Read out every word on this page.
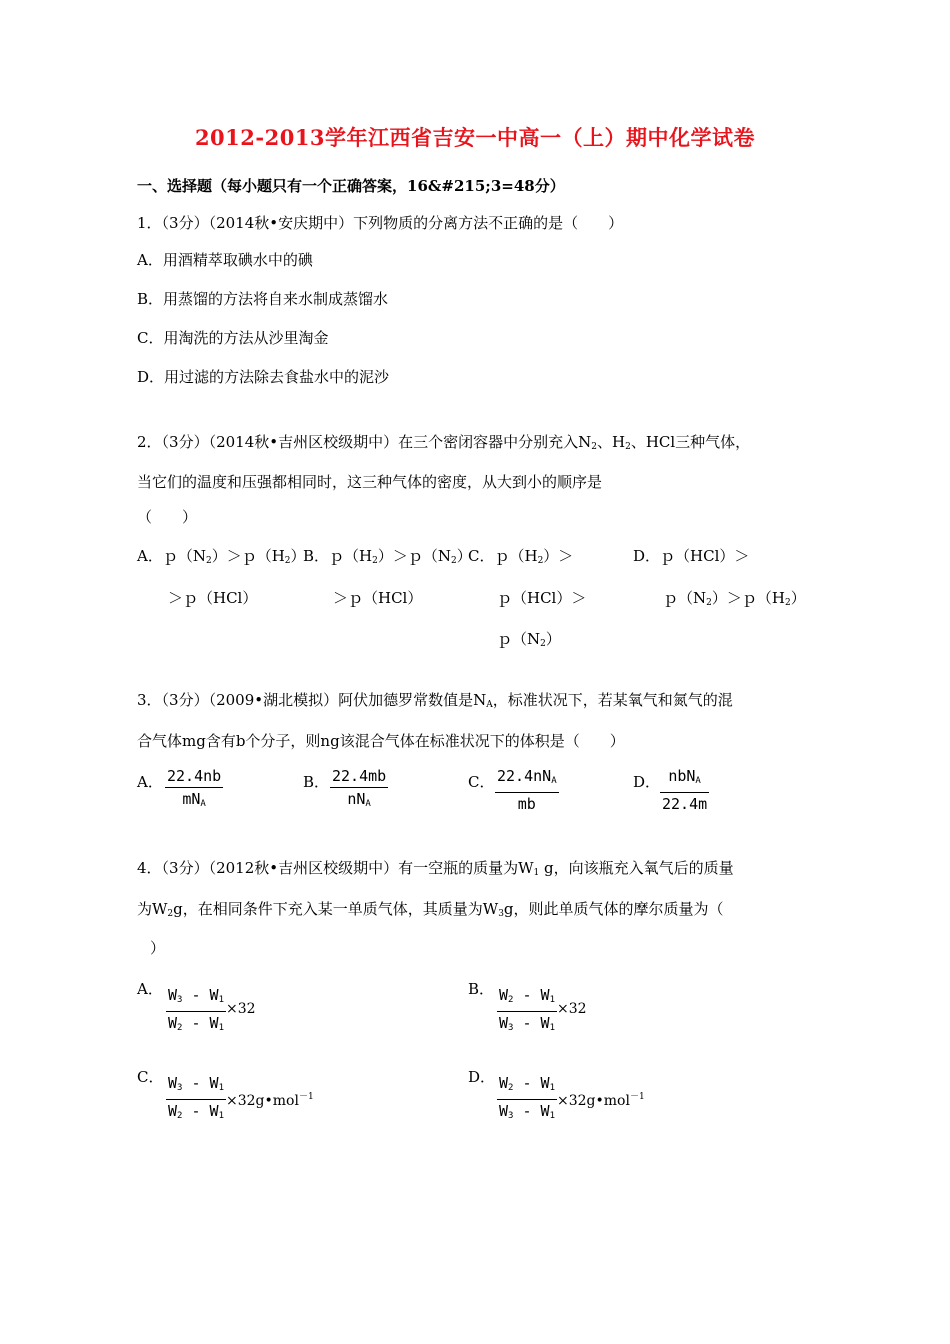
2012-2013学年江西省吉安一中高一（上）期中化学试卷
一、选择题（每小题只有一个正确答案，16&#215;3=48分）
1．（3分）（2014秋•安庆期中）下列物质的分离方法不正确的是（　　）
A．用酒精萃取碘水中的碘
B．用蒸馏的方法将自来水制成蒸馏水
C．用淘洗的方法从沙里淘金
D．用过滤的方法除去食盐水中的泥沙
2．（3分）（2014秋•吉州区校级期中）在三个密闭容器中分别充入$N_2$、$H_2$、HCl三种气体，
当它们的温度和压强都相同时，这三种气体的密度，从大到小的顺序是
（　　）
A．$p(N_2)>p(H_2)$
＞ｐ（HCl）
B．$p(H_2)>p(N_2)$
＞ｐ（HCl）
C．$p(H_2)>$
ｐ（HCl）＞
$p(N_2)$
D．ｐ（HCl）＞
$p(N_2)>p(H_2)$
3．（3分）（2009•湖北模拟）阿伏加德罗常数值是$N_A$，标准状况下，若某氧气和氮气的混
合气体mg含有b个分子，则ng该混合气体在标准状况下的体积是（　　）
A． 22.4nb
$mN_A$
B． 22.4mb
$nN_A$
C． $22.4nN_A$
mb
D． nbN$_A$
22.4m
4．（3分）（2012秋•吉州区校级期中）有一空瓶的质量为$W_1$ g，向该瓶充入氧气后的质量
为$W_2g$，在相同条件下充入某一单质气体，其质量为$W_3g$，则此单质气体的摩尔质量为（
）
A． $W_3 - W_1$
$W_2 - W_1$
×32
B． $W_2 - W_1$
$W_3 - W_1$
×32
C． $W_3 - W_1$
$W_2 - W_1$
×32g•mol$^{-1}$
D． $W_2 - W_1$
$W_3 - W_1$
×32g•mol$^{-1}$
